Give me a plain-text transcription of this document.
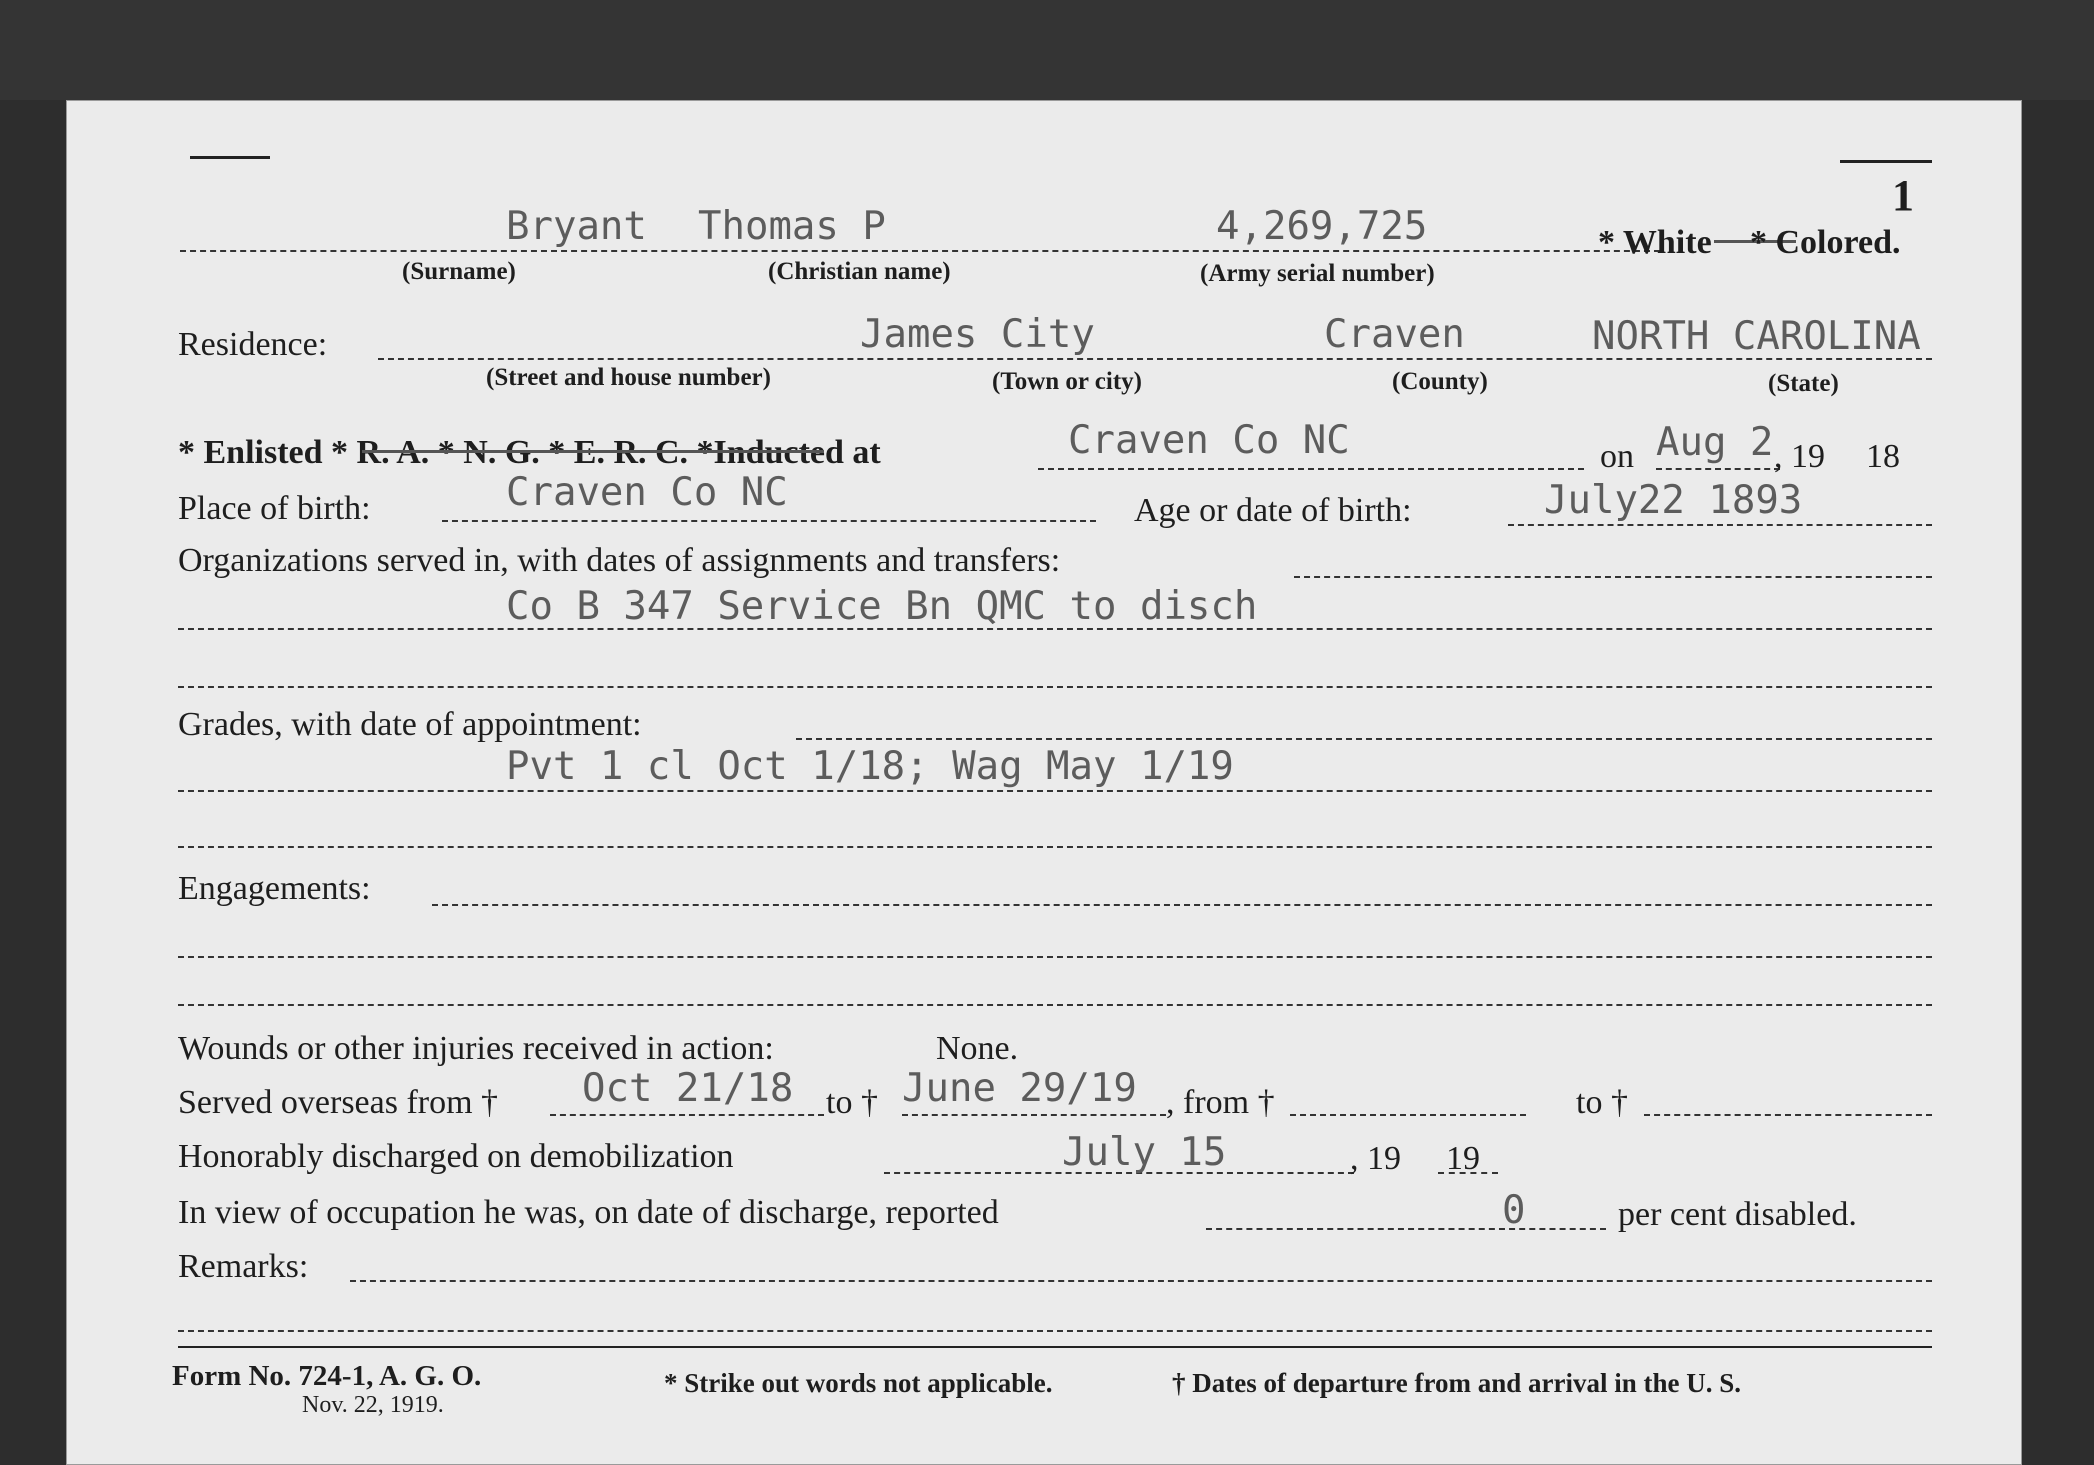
1
Bryant Thomas P	4,269,725	* White * Colored.
(Surname)	(Christian name)	(Army serial number)
Residence:	James City	Craven	NORTH CAROLINA
(Street and house number)	(Town or city)	(County)	(State)
* Enlisted * R. A. * N. G. * E. R. C. *Inducted at	Craven Co NC	on Aug 2 , 19 18
Place of birth:	Craven Co NC	Age or date of birth:	July22 1893
Organizations served in, with dates of assignments and transfers:
Co B 347 Service Bn QMC to disch
Grades, with date of appointment:
Pvt 1 cl Oct 1/18; Wag May 1/19
Engagements:
Wounds or other injuries received in action:	None.
Served overseas from † Oct 21/18 to † June 29/19 , from †	to †
Honorably discharged on demobilization	July 15	, 19 19
In view of occupation he was, on date of discharge, reported	0	per cent disabled.
Remarks:
Form No. 724-1, A. G. O.
Nov. 22, 1919.
* Strike out words not applicable.	† Dates of departure from and arrival in the U. S.
